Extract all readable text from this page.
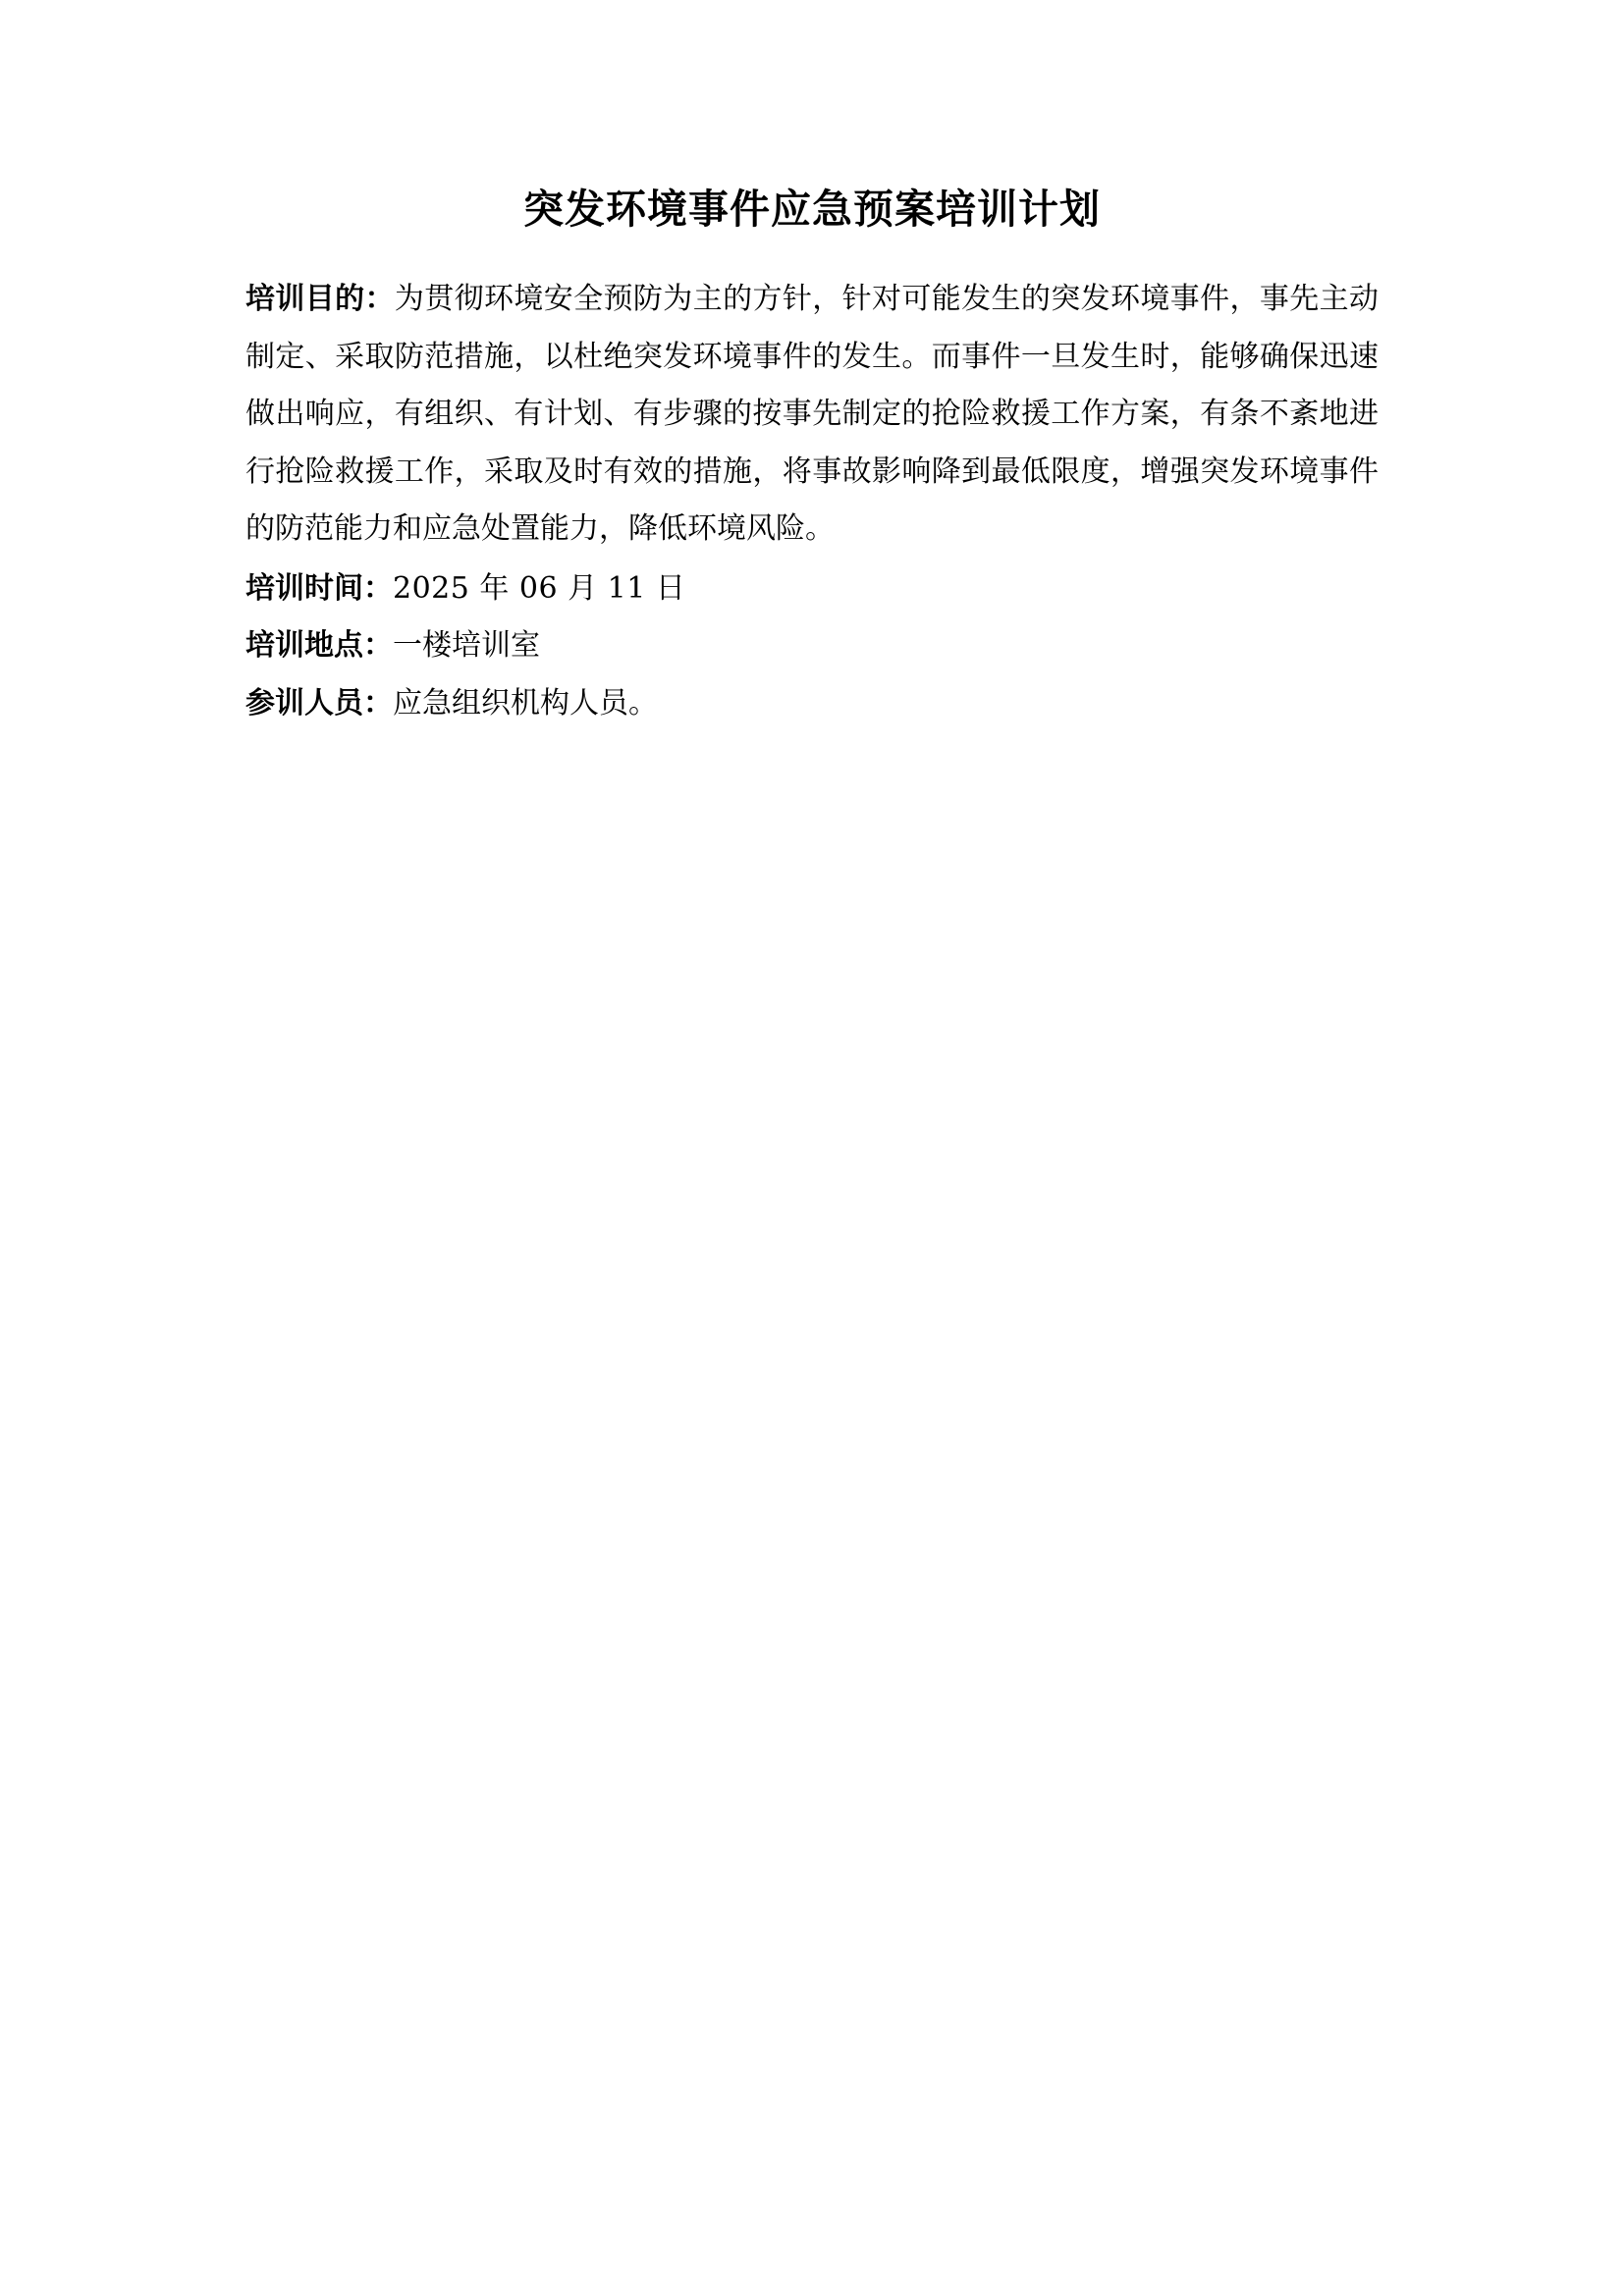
突发环境事件应急预案培训计划

培训目的：为贯彻环境安全预防为主的方针，针对可能发生的突发环境事件，事先主动制定、采取防范措施，以杜绝突发环境事件的发生。而事件一旦发生时，能够确保迅速做出响应，有组织、有计划、有步骤的按事先制定的抢险救援工作方案，有条不紊地进行抢险救援工作，采取及时有效的措施，将事故影响降到最低限度，增强突发环境事件的防范能力和应急处置能力，降低环境风险。

培训时间：2025 年 06 月 11 日

培训地点：一楼培训室

参训人员：应急组织机构人员。
